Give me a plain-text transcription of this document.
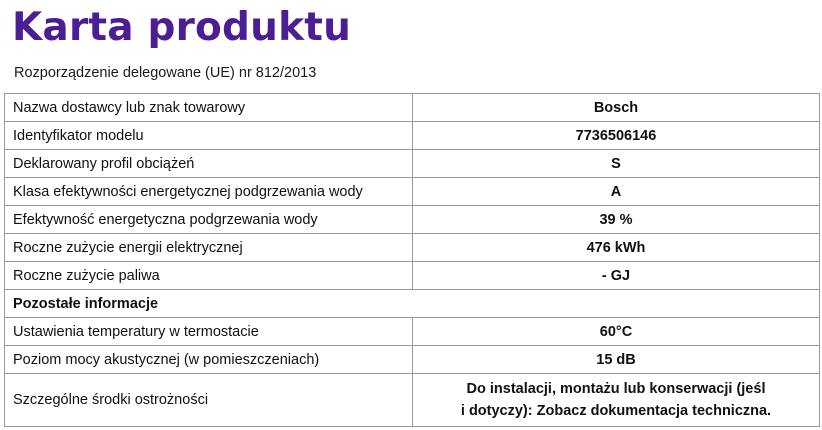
Karta produktu
Rozporządzenie delegowane (UE) nr 812/2013
Nazwa dostawcy lub znak towarowy	Bosch
Identyfikator modelu	7736506146
Deklarowany profil obciążeń	S
Klasa efektywności energetycznej podgrzewania wody	A
Efektywność energetyczna podgrzewania wody	39 %
Roczne zużycie energii elektrycznej	476 kWh
Roczne zużycie paliwa	- GJ
Pozostałe informacje	
Ustawienia temperatury w termostacie	60°C
Poziom mocy akustycznej (w pomieszczeniach)	15 dB
Szczególne środki ostrożności	Do instalacji, montażu lub konserwacji (jeśl
i dotyczy): Zobacz dokumentacja techniczna.
